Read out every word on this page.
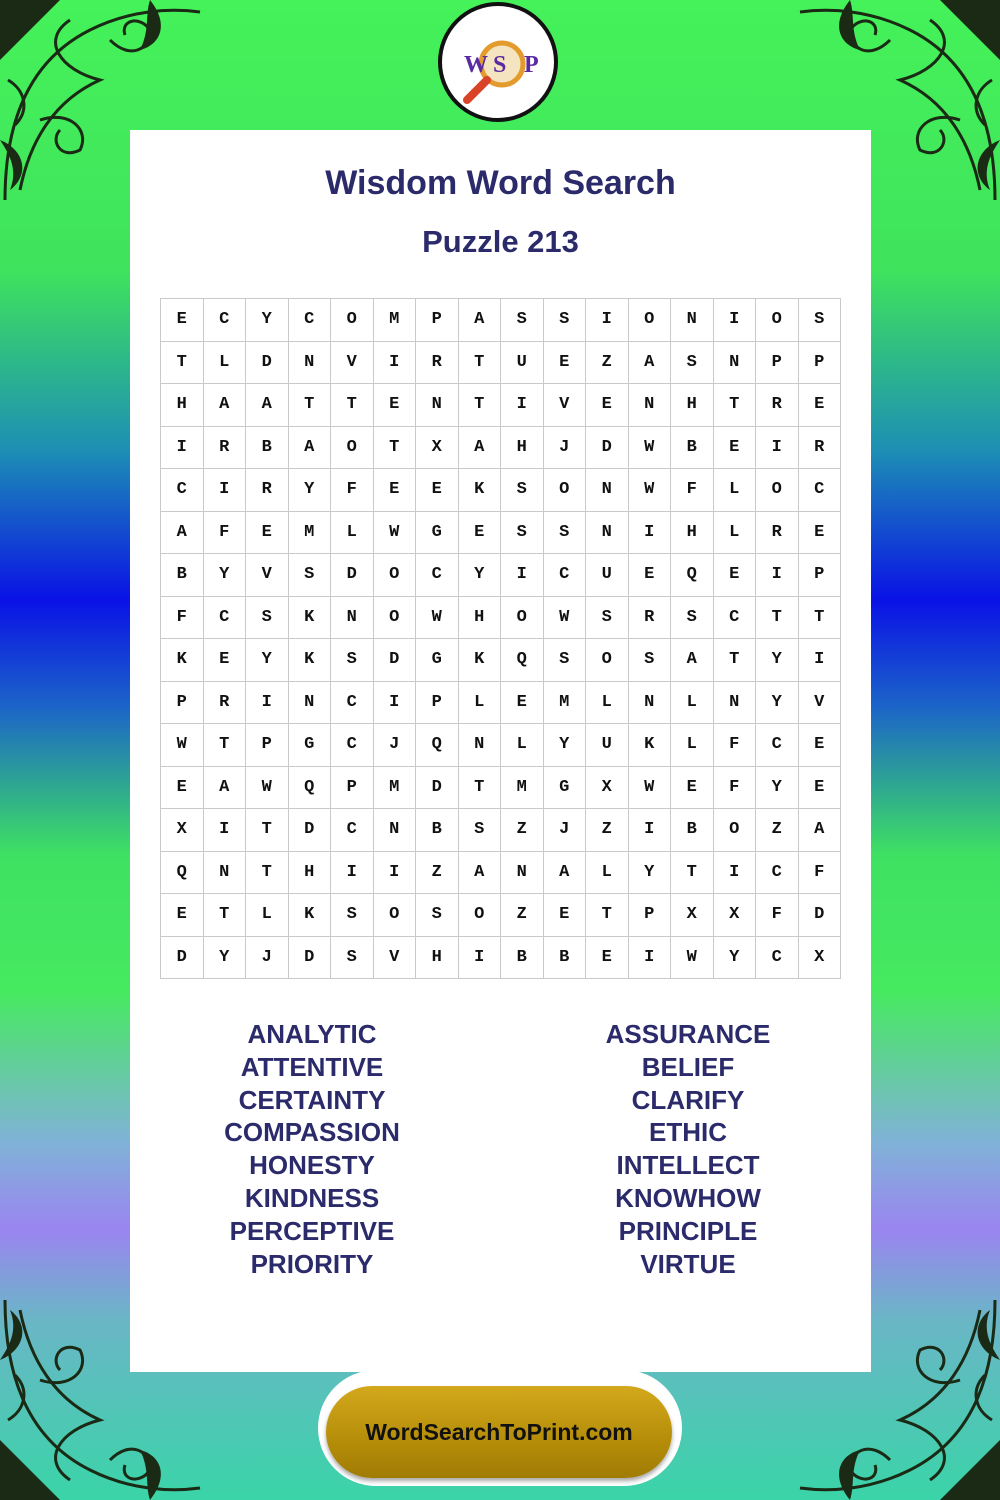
W S P
Wisdom Word Search
Puzzle 213
E	C	Y	C	O	M	P	A	S	S	I	O	N	I	O	S
T	L	D	N	V	I	R	T	U	E	Z	A	S	N	P	P
H	A	A	T	T	E	N	T	I	V	E	N	H	T	R	E
I	R	B	A	O	T	X	A	H	J	D	W	B	E	I	R
C	I	R	Y	F	E	E	K	S	O	N	W	F	L	O	C
A	F	E	M	L	W	G	E	S	S	N	I	H	L	R	E
B	Y	V	S	D	O	C	Y	I	C	U	E	Q	E	I	P
F	C	S	K	N	O	W	H	O	W	S	R	S	C	T	T
K	E	Y	K	S	D	G	K	Q	S	O	S	A	T	Y	I
P	R	I	N	C	I	P	L	E	M	L	N	L	N	Y	V
W	T	P	G	C	J	Q	N	L	Y	U	K	L	F	C	E
E	A	W	Q	P	M	D	T	M	G	X	W	E	F	Y	E
X	I	T	D	C	N	B	S	Z	J	Z	I	B	O	Z	A
Q	N	T	H	I	I	Z	A	N	A	L	Y	T	I	C	F
E	T	L	K	S	O	S	O	Z	E	T	P	X	X	F	D
D	Y	J	D	S	V	H	I	B	B	E	I	W	Y	C	X
ANALYTIC
ATTENTIVE
CERTAINTY
COMPASSION
HONESTY
KINDNESS
PERCEPTIVE
PRIORITY
ASSURANCE
BELIEF
CLARIFY
ETHIC
INTELLECT
KNOWHOW
PRINCIPLE
VIRTUE
WordSearchToPrint.com
